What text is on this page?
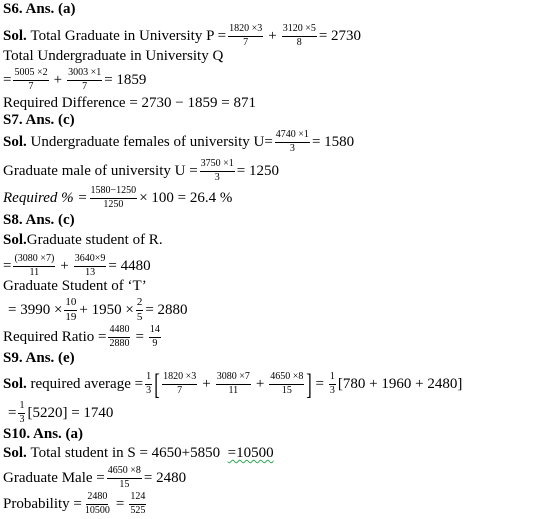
S6. Ans. (a)
Sol.
Total Graduate in University $P = \frac{1820 \times 3}{7} + \frac{3120 \times 5}{8} = 2730$
Total Undergraduate in University Q
= $\frac{5005 \times 2}{7} + \frac{3003 \times 1}{7} = 1859$
Required Difference = 2730 − 1859 = 871
S7. Ans. (c)
Sol.
Undergraduate females of university $U= \frac{4740 \times 1}{3} = 1580$
Graduate male of university $U = \frac{3750 \times 1}{3} = 1250$
Required % = $\frac{1580-1250}{1250} \times 100 = 26.4$ %
S8. Ans. (c)
Sol. Graduate student of R.
= $\frac{(3080 \times 7)}{11} + \frac{3640\times 9}{13} = 4480$
Graduate Student of ‘T’
= $3990 \times \frac{10}{19} + 1950 \times \frac{2}{5} = 2880$
Required Ratio = $\frac{4480}{2880} = \frac{14}{9}$
S9. Ans. (e)
Sol.
required average = $\frac{1}{3}$ [ $\frac{1820 \times 3}{7} + \frac{3080 \times 7}{11} + \frac{4650 \times 8}{15}$ ] = $\frac{1}{3} [780 + 1960 + 2480]$
= $\frac{1}{3} [5220] = 1740$
S10. Ans. (a)
Sol.
Total student in S = 4650+5850
=10500
Graduate Male = $\frac{4650 \times 8}{15} = 2480$
Probability = $\frac{2480}{10500} = \frac{124}{525}$
